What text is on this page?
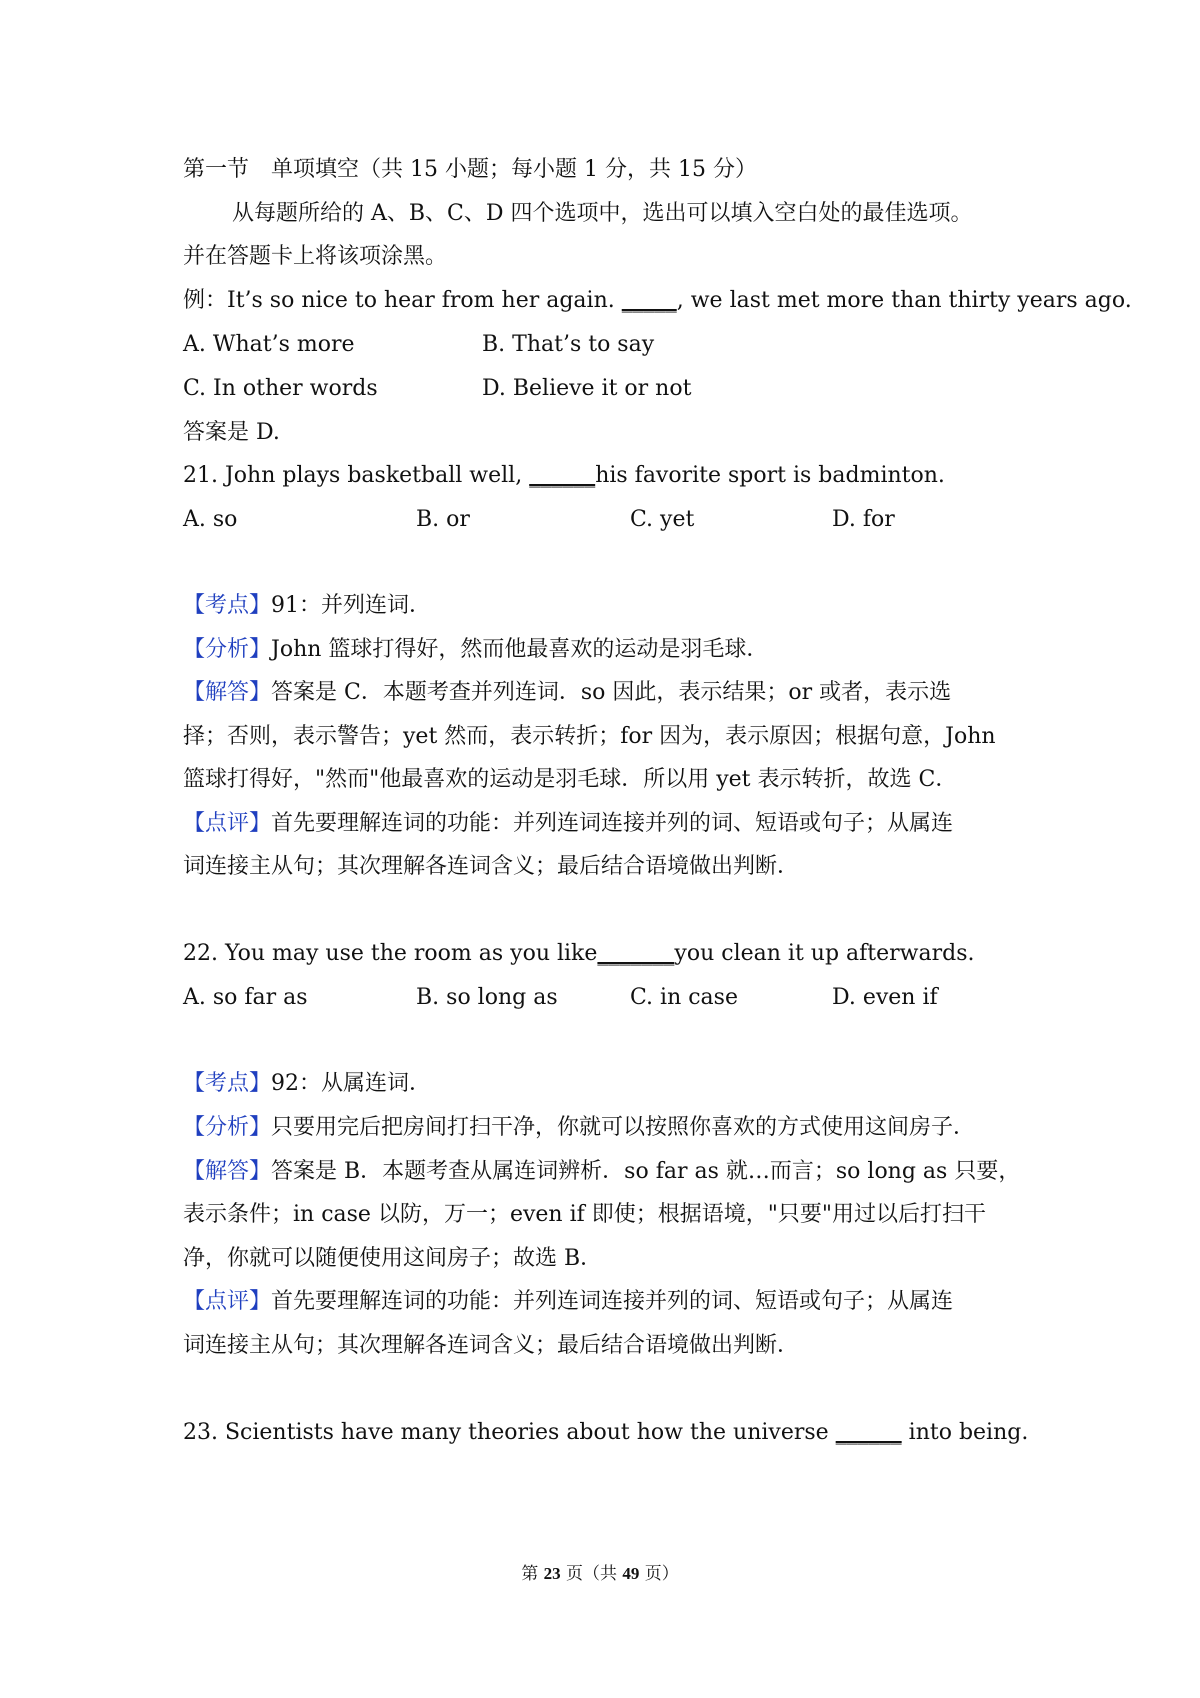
第一节　单项填空（共 15 小题；每小题 1 分，共 15 分）
从每题所给的 A、B、C、D 四个选项中，选出可以填入空白处的最佳选项。
并在答题卡上将该项涂黑。
例：It’s so nice to hear from her again. _____, we last met more than thirty years ago.
A. What’s more	B. That’s to say
C. In other words	D. Believe it or not
答案是 D.
21. John plays basketball well, ______his favorite sport is badminton.
A. so	B. or	C. yet	D. for
【考点】91：并列连词．
【分析】John 篮球打得好，然而他最喜欢的运动是羽毛球．
【解答】答案是 C．本题考查并列连词．so 因此，表示结果；or 或者，表示选
择；否则，表示警告；yet 然而，表示转折；for 因为，表示原因；根据句意，John
篮球打得好，"然而"他最喜欢的运动是羽毛球．所以用 yet 表示转折，故选 C．
【点评】首先要理解连词的功能：并列连词连接并列的词、短语或句子；从属连
词连接主从句；其次理解各连词含义；最后结合语境做出判断．
22. You may use the room as you like_______you clean it up afterwards.
A. so far as	B. so long as	C. in case	D. even if
【考点】92：从属连词．
【分析】只要用完后把房间打扫干净，你就可以按照你喜欢的方式使用这间房子．
【解答】答案是 B．本题考查从属连词辨析．so far as 就…而言；so long as 只要，
表示条件；in case 以防，万一；even if 即使；根据语境，"只要"用过以后打扫干
净，你就可以随便使用这间房子；故选 B．
【点评】首先要理解连词的功能：并列连词连接并列的词、短语或句子；从属连
词连接主从句；其次理解各连词含义；最后结合语境做出判断．
23. Scientists have many theories about how the universe ______ into being.
第 23 页（共 49 页）
